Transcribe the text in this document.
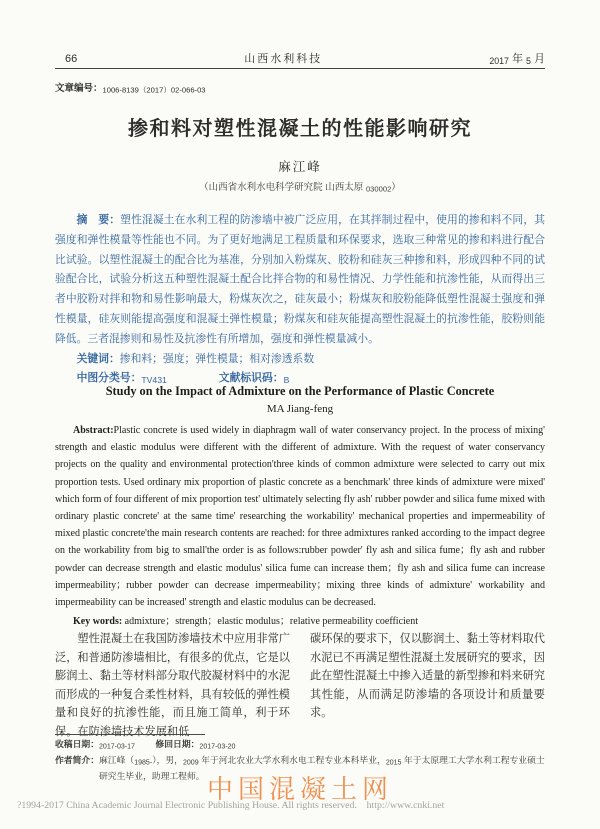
66	山西水利科技	2017 年 5 月
文章编号：1006-8139（2017）02-066-03
掺和料对塑性混凝土的性能影响研究
麻江峰
（山西省水利水电科学研究院 山西太原 030002）

摘　要：塑性混凝土在水利工程的防渗墙中被广泛应用，在其拌制过程中，使用的掺和料不同，其强度和弹性模量等性能也不同。为了更好地满足工程质量和环保要求，选取三种常见的掺和料进行配合比试验。以塑性混凝土的配合比为基准，分别加入粉煤灰、胶粉和硅灰三种掺和料，形成四种不同的试验配合比，试验分析这五种塑性混凝土配合比拌合物的和易性情况、力学性能和抗渗性能，从而得出三者中胶粉对拌和物和易性影响最大，粉煤灰次之，硅灰最小；粉煤灰和胶粉能降低塑性混凝土强度和弹性模量，硅灰则能提高强度和混凝土弹性模量；粉煤灰和硅灰能提高塑性混凝土的抗渗性能，胶粉则能降低。三者混掺则和易性及抗渗性有所增加，强度和弹性模量减小。

关键词：掺和料；强度；弹性模量；相对渗透系数

中图分类号：TV431	文献标识码：B

Study on the Impact of Admixture on the Performance of Plastic Concrete

MA Jiang-feng

Abstract:Plastic concrete is used widely in diaphragm wall of water conservancy project. In the process of mixing' strength and elastic modulus were different with the different of admixture. With the request of water conservancy projects on the quality and environmental protection'three kinds of common admixture were selected to carry out mix proportion tests. Used ordinary mix proportion of plastic concrete as a benchmark' three kinds of admixture were mixed' which form of four different of mix proportion test' ultimately selecting fly ash' rubber powder and silica fume mixed with ordinary plastic concrete' at the same time' researching the workability' mechanical properties and impermeability of mixed plastic concrete'the main research contents are reached: for three admixtures ranked according to the impact degree on the workability from big to small'the order is as follows:rubber powder' fly ash and silica fume；fly ash and rubber powder can decrease strength and elastic modulus' silica fume can increase them；fly ash and silica fume can increase impermeability；rubber powder can decrease impermeability；mixing three kinds of admixture' workability and impermeability can be increased' strength and elastic modulus can be decreased.

Key words: admixture；strength；elastic modulus；relative permeability coefficient

塑性混凝土在我国防渗墙技术中应用非常广泛，和普通防渗墙相比，有很多的优点，它是以膨润土、黏土等材料部分取代胶凝材料中的水泥而形成的一种复合柔性材料，具有较低的弹性模量和良好的抗渗性能，而且施工简单，利于环保。在防渗墙技术发展和低

碳环保的要求下，仅以膨润土、黏土等材料取代水泥已不再满足塑性混凝土发展研究的要求，因此在塑性混凝土中掺入适量的新型掺和料来研究其性能，从而满足防渗墙的各项设计和质量要求。

收稿日期：2017-03-17 修回日期：2017-03-20
作者简介：麻江峰（1985-），男，2009 年于河北农业大学水利水电工程专业本科毕业，2015 年于太原理工大学水利工程专业硕士研究生毕业，助理工程师。 中国混凝土网
?1994-2017 China Academic Journal Electronic Publishing House. All rights reserved.    http://www.cnki.net
